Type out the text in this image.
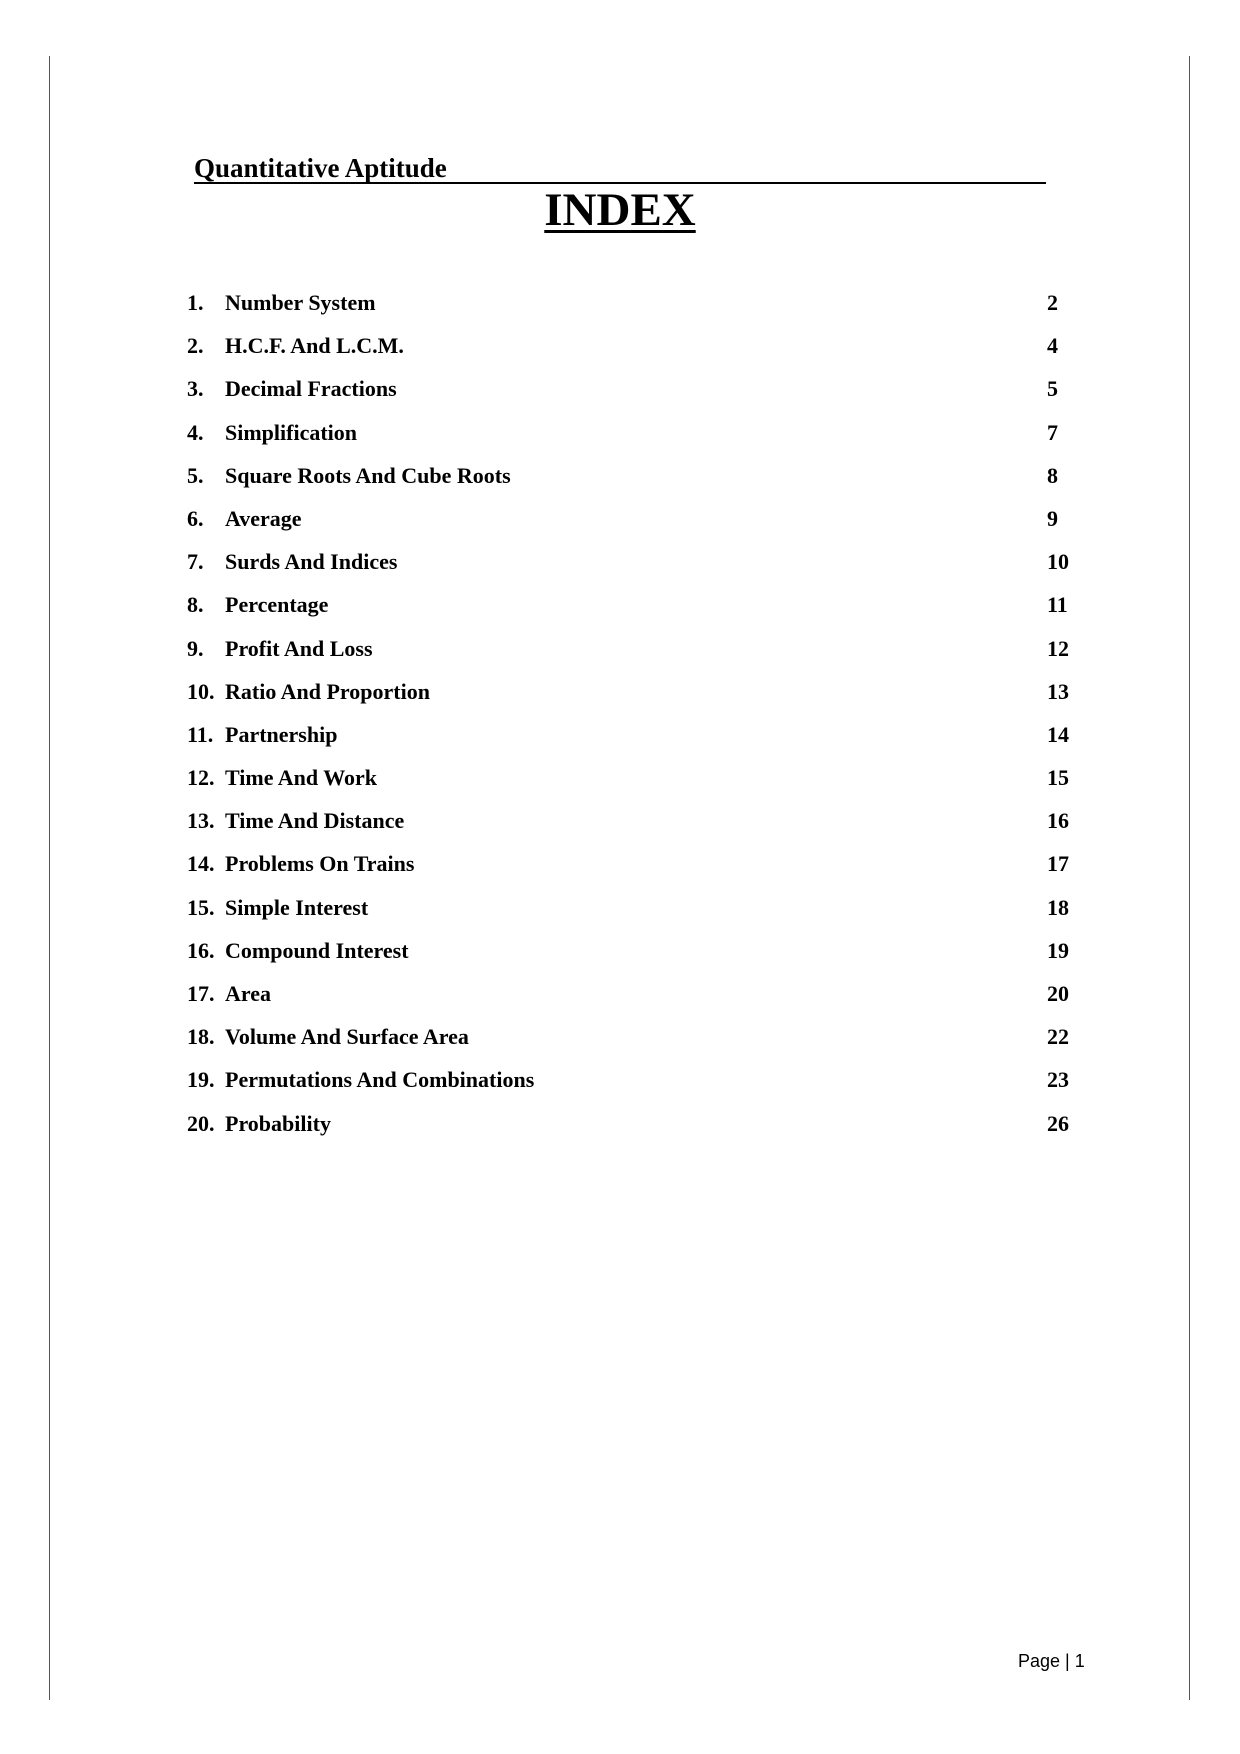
Quantitative Aptitude
INDEX
1. Number System	2
2. H.C.F. And L.C.M.	4
3. Decimal Fractions	5
4. Simplification	7
5. Square Roots And Cube Roots	8
6. Average	9
7. Surds And Indices	10
8. Percentage	11
9. Profit And Loss	12
10. Ratio And Proportion	13
11. Partnership	14
12. Time And Work	15
13. Time And Distance	16
14. Problems On Trains	17
15. Simple Interest	18
16. Compound Interest	19
17. Area	20
18. Volume And Surface Area	22
19. Permutations And Combinations	23
20. Probability	26
Page | 1
